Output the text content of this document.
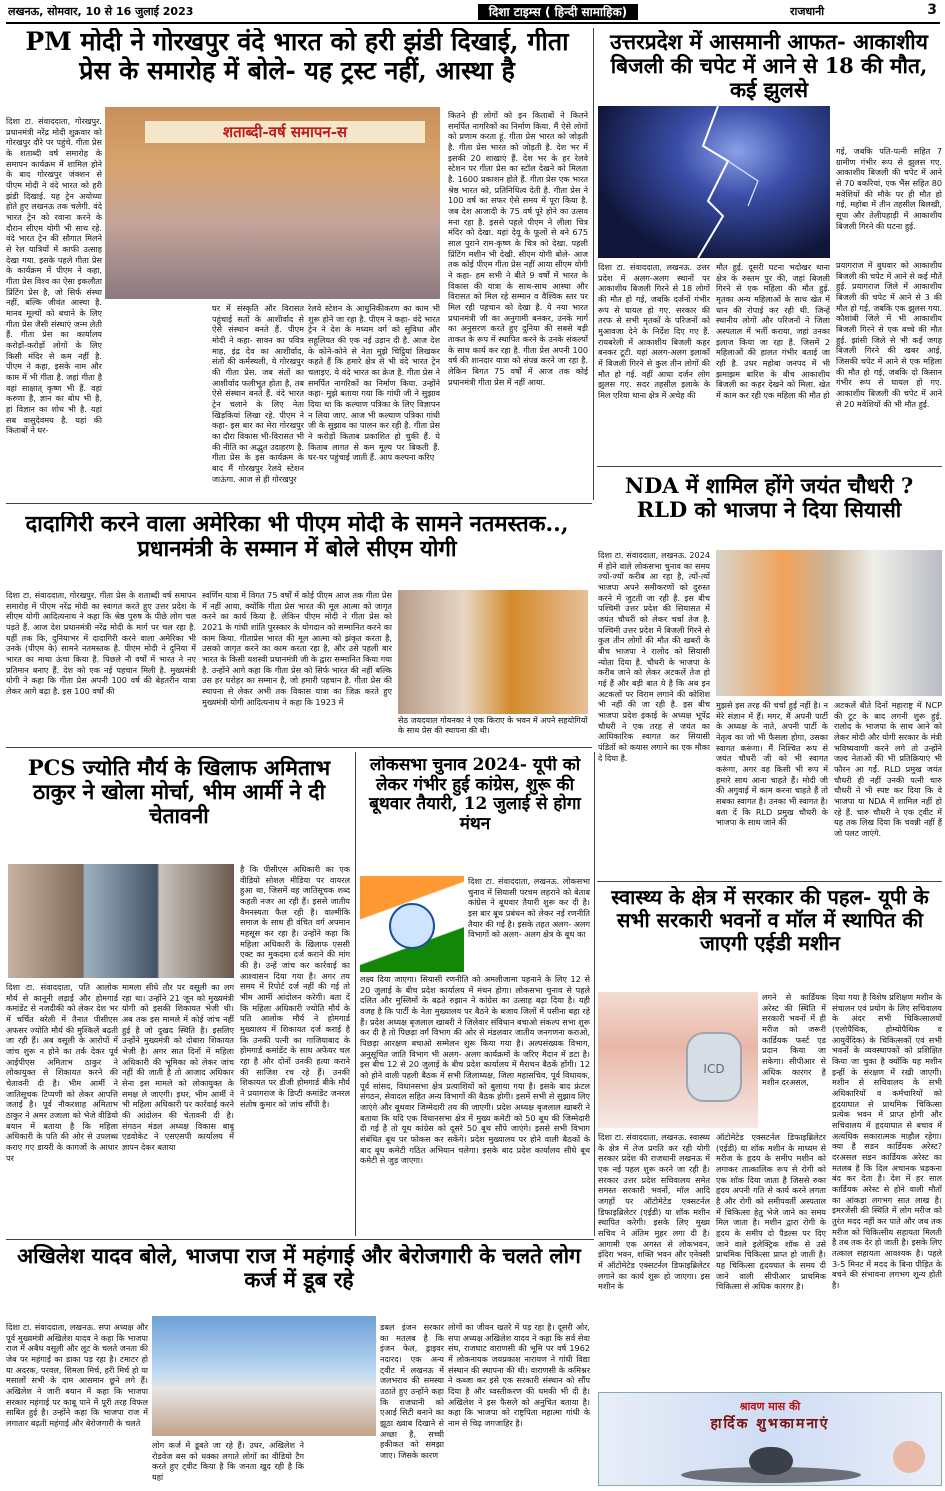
लखनऊ, सोमवार, 10 से 16 जुलाई 2023	दिशा टाइम्स ( हिन्दी सामाहिक)	राजधानी	3
PM मोदी ने गोरखपुर वंदे भारत को हरी झंडी दिखाई, गीता प्रेस के समारोह में बोले- यह ट्रस्ट नहीं, आस्था है
शताब्दी-वर्ष समापन-स
दिशा टा. संवाददाता, गोरखपुर. प्रधानमंत्री नरेंद्र मोदी शुक्रवार को गोरखपुर दौरे पर पहुंचे. गीता प्रेस के शताब्दी वर्ष समारोह के समापन कार्यक्रम में शामिल होने के बाद गोरखपुर जंक्शन से पीएम मोदी ने वंदे भारत को हरी झंडी दिखाई. यह ट्रेन अयोध्या होते हुए लखनऊ तक चलेगी. वंदे भारत ट्रेन को रवाना करने के दौरान सीएम योगी भी साथ रहे. वंदे भारत ट्रेन की सौगात मिलने से रेल यात्रियों में काफी उत्साह देखा गया. इसके पहले गीता प्रेस के कार्यक्रम में पीएम ने कहा, गीता प्रेस विश्व का ऐसा इकलौता प्रिंटिंग प्रेस है, जो सिर्फ संस्था नहीं, बल्कि जीवंत आस्था है. मानव मूल्यों को बचाने के लिए गीता प्रेस जैसी संस्थाएं जन्म लेती हैं. गीता प्रेस का कार्यालय करोड़ों-करोड़ों लोगों के लिए किसी मंदिर से कम नहीं है. पीएम ने कहा, इसके नाम और काम में भी गीता है. जहां गीता है वहां साक्षात् कृष्ण भी हैं. वहां करुणा है, ज्ञान का बोध भी है, हां विज्ञान का शोध भी है. यहां सब वासुदेवमय है. यहां की किताबों ने घर-
घर में संस्कृति और विरासत पहुंचाई सतों के आशीर्वाद से ऐसे संस्थान बनते हैं. पीएम मोदी ने कहा- सावन का पवित्र माह, इंद्र देव का आशीर्वाद, संतों की कर्मस्थली, ये गोरखपुर की गीता प्रेस. जब संतों का आशीर्वाद फलीभूत होता है, तब ऐसे संस्थान बनते हैं. वंदे भारत ट्रेन चलाने के लिए नेता खिड़कियां लिखा रहे. पीएम ने कहा- इस बार का मेरा गोरखपुर का दौरा विकास भी-विरासत भी की नीति का अद्भुत उदाहरण है. गीता प्रेस के इस कार्यक्रम के बाद मैं गोरखपुर रेलवे स्टेशन जाऊंगा. आज से ही गोरखपुर
रेलवे स्टेशन के आधुनिकीकरण का काम भी शुरू होने जा रहा है. पीएम ने कहा- वंदे भारत ट्रेन ने देश के मध्यम वर्ग को सुविधा और सहूलियत की एक नई उड़ान दी है. आज देश के कोने-कोने से नेता मुझे चिट्ठियां लिखकर कहते हैं कि हमारे क्षेत्र से भी वंदे भारत ट्रेन चलाइए. ये वंदे भारत का क्रेज है. गीता प्रेस ने समर्पित नागरिकों का निर्माण किया. उन्होंने कहा- मुझे बताया गया कि गांधी जी ने सुझाव दिया था कि कल्याण पत्रिका के लिए विज्ञापन न लिया जाए. आज भी कल्याण पत्रिका गांधी जी के सुझाव का पालन कर रही है. गीता प्रेस ने करोड़ों किताब प्रकाशित हो चुकी हैं. ये किताब लागत से कम मूल्य पर बिकती हैं. घर-घर पहुंचाई जाती हैं. आप कल्पना करिए
कितने ही लोगों को इन किताबों ने कितने समर्पित नागरिकों का निर्माण किया. मैं ऐसे लोगों को प्रणाम करता हूं. गीता प्रेस भारत को जोड़ती है. गीता प्रेस भारत को जोड़ती है. देश भर में इसकी 20 शाखाएं हैं. देश भर के हर रेलवे स्टेशन पर गीता प्रेस का स्टॉल देखने को मिलता है. 1600 प्रकाशन होते हैं. गीता प्रेस एक भारत श्रेष्ठ भारत को, प्रतिनिधित्व देती है. गीता प्रेस ने 100 वर्ष का सफर ऐसे समय में पूरा किया है. जब देश आजादी के 75 वर्ष पूरे होने का उत्सव मना रहा है. इससे पहले पीएम ने लीला चित्र मंदिर को देखा. यहां देवू के फूलों से बने 675 साल पुराने राम-कृष्ण के चित्र को देखा. पहली प्रिंटिंग मशीन भी देखी. सीएम योगी बोले- आज तक कोई पीएम गीता प्रेस नहीं आया सीएम योगी ने कहा- हम सभी ने बीते 9 वर्षों में भारत के विकास की यात्रा के साथ-साथ आस्था और विरासत को मिल रहे सम्मान व वैश्विक स्तर पर मिल रही पहचान को देखा है. ये नया भारत प्रधानमंत्री जी का अनुगामी बनकर, उनके मार्ग का अनुसरण करते हुए दुनिया की सबसे बड़ी ताकत के रूप में स्थापित करने के उनके संकल्पों के साथ कार्य कर रहा है. गीता प्रेस अपनी 100 वर्ष की शानदार यात्रा को संपन्न करने जा रहा है. लेकिन बिगत 75 वर्षों में आज तक कोई प्रधानमंत्री गीता प्रेस में नहीं आया.
उत्तरप्रदेश में आसमानी आफत- आकाशीय बिजली की चपेट में आने से 18 की मौत, कई झुलसे
गई, जबकि पति-पत्नी सहित 7 ग्रामीण गंभीर रूप से झुलस गए. आकाशीय बिजली की चपेट में आने से 70 बकरियां, एक भैंस सहित 80 मवेशियों की मौके पर ही मौत हो गई, महोबा में तीन तहसील बिलखी, सूपा और तेलीपहाड़ी में आकाशीय बिजली गिरने की घटना हुई.
दिशा टा. संवाददाता, लखनऊ. उत्तर प्रदेश में अलग-अलग स्थानों पर आकाशीय बिजली गिरने से 18 लोगों की मौत हो गई, जबकि दर्जनों गंभीर रूप से घायल हो गए. सरकार की तरफ से सभी मृतकों के परिजनों को मुआवजा देने के निर्देश दिए गए हैं. रायबरेली में आकाशीय बिजली कहर बनकर टूटी. यहां अलग-अलग इलाकों में बिजली गिरने से कुल तीन लोगों की मौत हो गई. वहीं आधा दर्जन लोग झुलस गए. सदर तहसील इलाके के मिल एरिया थाना क्षेत्र में अचेह की
मौत हुई. दूसरी घटना भदोखर थाना क्षेत्र के रुस्तम पुर की, जहां बिजली गिरने से एक महिला की मौत हुई. मृतका अन्य महिलाओं के साथ खेत में धान की रोपाई कर रही थी. जिन्हें स्थानीय लोगों और परिजनों ने जिला अस्पताल में भर्ती कराया, जहां उनका इलाज किया जा रहा है. जिसमें 2 महिलाओं की हालत गंभीर बताई जा रही है. उधर महोबा जनपद में भी झमाझम बारिश के बीच आकाशीय बिजली का कहर देखने को मिला. खेत में काम कर रही एक महिला की मौत हो
प्रयागराज में बुधवार को आकाशीय बिजली की चपेट में आने से कई मौतें हुई. प्रयागराज जिले में आकाशीय बिजली की चपेट में आने से 3 की मौत हो गई, जबकि एक झुलस गया. कौशांबी जिले में भी आकाशीय बिजली गिरने से एक बच्चे की मौत हुई. झांसी जिले से भी कई जगह बिजली गिरने की खबर आई, जिसकी चपेट में आने से एक महिला की मौत हो गई, जबकि दो किसान गंभीर रूप से घायल हो गए. आकाशीय बिजली की चपेट में आने से 20 मवेशियों की भी मौत हुई.
दादागिरी करने वाला अमेरिका भी पीएम मोदी के सामने नतमस्तक.., प्रधानमंत्री के सम्मान में बोले सीएम योगी
दिशा टा. संवाददाता, गोरखपुर. गीता प्रेस के शताब्दी वर्ष समापन समारोह में पीएम नरेंद्र मोदी का स्वागत करते हुए उत्तर प्रदेश के सीएम योगी आदित्यनाथ ने कहा कि श्रेष्ठ पुरुष के पीछे लोग चल पड़ते हैं. आज देश प्रधानमंत्री नरेंद्र मोदी के मार्ग पर चल रहा है. यहीं तक कि, दुनियाभर में दादागिरी करने वाला अमेरिका भी उनके (पीएम के) सामने नतमस्तक है. पीएम मोदी ने दुनिया में भारत का माथा ऊंचा किया है. पिछले नौ वर्षों में भारत ने नए प्रतिमान बनाए हैं. देश को एक नई पहचान मिली है. मुख्यमंत्री योगी ने कहा कि गीता प्रेस अपनी 100 वर्ष की बेहतरीन यात्रा लेकर आगे बढ़ा है. इस 100 वर्षों की
स्वर्णिम यात्रा में विगत 75 वर्षों में कोई पीएम आज तक गीता प्रेस में नहीं आया, क्योंकि गीता प्रेस भारत की मूल आत्मा को जागृत करने का कार्य किया है. लेकिन पीएम मोदी ने गीता प्रेस को 2021 के गांधी शांति पुरस्कार के योगदान को सम्मानित करने का काम किया. गीताप्रेस भारत की मूल आत्मा को झंकृत करता है, उसको जागृत करने का काम करता रहा है, और उसे पहली बार भारत के किसी यशस्वी प्रधानमंत्री जी के द्वारा सम्मानित किया गया है. उन्होंने आगे कहा कि गीता प्रेस को सिर्फ भारत की नहीं बल्कि उस हर धरोहर का सम्मान है, जो हमारी पहचान है. गीता प्रेस की स्थापना से लेकर अभी तक विकास यात्रा का जिक्र करते हुए मुख्यमंत्री योगी आदित्यनाथ ने कहा कि 1923 में
सेठ जयदयाल गोयनका ने एक किराए के भवन में अपने सहयोगियों के साथ प्रेस की स्थापना की थी।
NDA में शामिल होंगे जयंत चौधरी ? RLD को भाजपा ने दिया सियासी
दिशा टा. संवाददाता, लखनऊ. 2024 में होने वाले लोकसभा चुनाव का समय ज्यों-ज्यों करीब आ रहा है, त्यों-त्यों भाजपा अपने समीकरणों को दुरुस्त करने में जुटती जा रही है. इस बीच पश्चिमी उत्तर प्रदेश की सियासत में जयंत चौधरी को लेकर चर्चा तेज है. पश्चिमी उत्तर प्रदेश में बिजली गिरने से कुल तीन लोगों की मौत की खबरों के बीच भाजपा ने रालोद को सियासी न्योता दिया है. चौधरी के भाजपा के करीब जाने को लेकर अटकलें तेज हो गई हैं और बड़ी बात ये है कि अब इन अटकलों पर विराम लगाने की कोशिश भी नहीं की जा रही है. इस बीच भाजपा प्रदेश इकाई के अध्यक्ष भूपेंद्र चौधरी ने एक तरह से जयंत का आधिकारिक स्वागत कर सियासी पंडितों को कयास लगाने का एक मौका दे दिया है.
मुझसे इस तरह की चर्चा हुई नहीं है। न मेरे संज्ञान में हैं। मगर, मैं अपनी पार्टी के अध्यक्ष के नाते, अपनी पार्टी के नेतृत्व का जो भी फैसला होगा, उसका स्वागत करूंगा। मैं निश्चित रूप से जयंत चौधरी जी को भी स्वागत करूंगा, अगर वह किसी भी रूप में हमारे साथ आना चाहते हैं। मोदी जी की अगुवाई में काम करना चाहते हैं तो सबका स्वागत है। उनका भी स्वागत है। बता दें कि RLD प्रमुख चौधरी के भाजपा के साथ जाने की
अटकलें बीते दिनों महाराष्ट्र में NCP की टूट के बाद लगनी शुरू हुई. रालोद के भाजपा के साथ आने को लेकर मोदी और योगी सरकार के मंत्री भविष्यवाणी करने लगे तो उन्होंने जल्द नेताओं की भी प्रतिक्रियाएं भी फौरन आ गईं. RLD प्रमुख जयंत चौधरी ही नहीं उनकी पत्नी चारु चौधरी ने भी स्पष्ट कर दिया कि वे भाजपा या NDA में शामिल नहीं हो रहे हैं. चारु चौधरी ने एक ट्वीट में यह तक लिख दिया कि चवन्नी नहीं हैं जो पलट जाएंगे.
PCS ज्योति मौर्य के खिलाफ अमिताभ ठाकुर ने खोला मोर्चा, भीम आर्मी ने दी चेतावनी
दिशा टा. संवाददाता, पति आलोक मौर्य से कानूनी लड़ाई और होमगार्ड कमांडेंट से नजदीकी को लेकर देश भर में चर्चित बरेली में तैनात पीसीएस अफसर ज्योति मौर्य की मुश्किलें बढ़ती जा रही हैं। अब वसूली के आरोपों में जांच शुरू न होने का तर्क देकर पूर्व आईपीएस अमिताभ ठाकुर ने लोकायुक्त से शिकायत करने की चेतावनी दी है। भीम आर्मी ने जातिसूचक टिप्पणी को लेकर आपत्ति जताई है। पूर्व नौकरशाह अमिताभ ठाकुर ने अमर उजाला को भेजे वीडियो बयान में बताया है कि महिला अधिकारी के पति की ओर से उपलब्ध कराए गए डायरी के कागजों के आधार पर
मामला सीधे तौर पर वसूली का लग रहा था। उन्होंने 21 जून को मुख्यमंत्री योगी को इसकी शिकायत भेजी थी। अब तक इस मामले में कोई जांच नहीं हुई है जो दुखद स्थिति है। इसलिए उन्होंने मुख्यमंत्री को दोबारा शिकायत भेजी है। अगर सात दिनों में महिला अधिकारी की भूमिका को लेकर जांच नहीं की जाती है तो आजाद अधिकार सेना इस मामले को लोकायुक्त के समक्ष ले जाएगी। इधर, भीम आर्मी ने भी महिला अधिकारी पर कार्रवाई करने की आंदोलन की चेतावनी दी है। संगठन मंडल अध्यक्ष विकास बाबू एडवोकेट ने एसएसपी कार्यालय में ज्ञापन देकर बताया
है कि पीसीएस अधिकारी का एक वीडियो सोशल मीडिया पर वायरल हुआ था, जिसमें वह जातिसूचक शब्द कहती नजर आ रही हैं। इससे जातीय वैमनस्यता फैल रही है। वाल्मीकि समाज के साथ ही वंचित वर्ग अपमान महसूस कर रहा है। उन्होंने कहा कि महिला अधिकारी के खिलाफ एससी एक्ट का मुकदमा दर्ज कराने की मांग की है। उन्हें जांच कर कार्रवाई का आश्वासन दिया गया है। अगर तय समय में रिपोर्ट दर्ज नहीं की गई तो भीम आर्मी आंदोलन करेगी। बता दें कि महिला अधिकारी ज्योति मौर्य के पति आलोक मौर्य ने होमगार्ड मुख्यालय में शिकायत दर्ज कराई है कि उनकी पत्नी का गाजियाबाद के होमगार्ड कमांडेंट के साथ अफेयर चल रहा है और दोनों उनकी हत्या कराने की साजिश रच रहे हैं। उनकी शिकायत पर डीजी होमगार्ड बीके मौर्य ने प्रयागराज के डिप्टी कमांडेंट जनरल संतोष कुमार को जांच सौंपी है।
लोकसभा चुनाव 2024- यूपी को लेकर गंभीर हुई कांग्रेस, शुरू की बूथवार तैयारी, 12 जुलाई से होगा मंथन
दिशा टा. संवाददाता, लखनऊ. लोकसभा चुनाव में सियासी परचम लहराने को बेताब कांग्रेस ने बूथवार तैयारी शुरू कर दी है। इस बार बूथ प्रबंधन को लेकर नई रणनीति तैयार की गई है। इसके तहत अलग- अलग विभागों को अलग- अलग क्षेत्र के बूथ का
लक्ष्य दिया जाएगा। सियासी रणनीति को अमलीजामा पहनाने के लिए 12 से 20 जुलाई के बीच प्रदेश कार्यालय में मंथन होगा। लोकसभा चुनाव से पहले दलित और मुस्लिमों के बढ़ते रुझान ने कांग्रेस का उत्साह बढ़ा दिया है। यही वजह है कि पार्टी के नेता मुख्यालय पर बैठने के बजाय जिलों में पसीना बहा रहे हैं। प्रदेश अध्यक्ष बृजलाल खाबरी ने जिलेवार संविधान बचाओ संकल्प सभा शुरू कर दी है तो पिछड़ा वर्ग विभाग की ओर से मंडलवार जातीय जनगणना कराओ, पिछड़ा आरक्षण बचाओ सम्मेलन शुरू किया गया है। अल्पसंख्यक विभाग, अनुसूचित जाति विभाग भी अलग- अलग कार्यक्रमों के जरिए मैदान में डटा है। इस बीच 12 से 20 जुलाई के बीच प्रदेश कार्यालय में मैराथन बैठकें होंगी। 12 को होने वाली पहली बैठक में सभी जिलाध्यक्ष, जिला महासचिव, पूर्व विधायक, पूर्व सांसद, विधानसभा क्षेत्र प्रत्याशियों को बुलाया गया है। इसके बाद फ्रंटल संगठन, सेवादल सहित अन्य विभागों की बैठक होगी। इसमें सभी से सुझाव लिए जाएंगे और बूथवार जिम्मेदारी तय की जाएगी। प्रदेश अध्यक्ष बृजलाल खाबरी ने बताया कि यदि एक विधानसभा क्षेत्र में मुख्य कमेटी को 50 बूथ की जिम्मेदारी दी गई है तो यूथ कांग्रेस को दूसरे 50 बूथ सौंपे जाएंगे। इससे सभी विभाग संबंधित बूथ पर फोकस कर सकेंगे। प्रदेश मुख्यालय पर होने वाली बैठकों के बाद बूथ कमेटी गठित अभियान चलेगा। इसके बाद प्रदेश कार्यालय सीधे बूथ कमेटी से जुड़ जाएगा।
स्वास्थ्य के क्षेत्र में सरकार की पहल- यूपी के सभी सरकारी भवनों व मॉल में स्थापित की जाएगी एईडी मशीन
ICD
लगने से कार्डियक अरेस्ट की स्थिति में सरकारी भवनों में ही मरीज को जरूरी कार्डियक फर्स्ट एड प्रदान किया जा सकेगा। सीपीआर से अधिक कारगर है मशीन दरअसल,
दिशा टा. संवाददाता, लखनऊ. स्वास्थ्य के क्षेत्र में तेज प्रगति कर रही योगी सरकार प्रदेश की राजधानी लखनऊ में एक नई पहल शुरू करने जा रही है। सरकार उत्तर प्रदेश सचिवालय समेत समस्त सरकारी भवनों, मॉल आदि जगहों पर ऑटोमेटेड एक्सटर्नल डिफाइब्रिलेटर (एईडी) या शॉक मशीन स्थापित करेगी। इसके लिए मुख्य सचिव ने अंतिम मुहर लगा दी है। आगामी एक अगस्त से लोकभवन, इंदिरा भवन, शक्ति भवन और एनेक्सी में ऑटोमेटेड एक्सटर्नल डिफाइब्रिलेटर लगाने का कार्य शुरू हो जाएगा। इस मशीन के
ऑटोमेटेड एक्सटर्नल डिफाइब्रिलेटर (एईडी) या शॉक मशीन के माध्यम से मरीज के हृदय के समीप मशीन को लगाकर तात्कालिक रूप से रोगी को एक शॉक दिया जाता है जिससे रुका हृदय अपनी गति से कार्य करने लगता है और रोगी को समीपवर्ती अस्पताल में चिकित्सा हेतु भेजे जाने का समय मिल जाता है। मशीन द्वारा रोगी के हृदय के समीप दो पैडल्स पर दिए जाने वाले इलेक्ट्रिक शॉक से उसे प्राथमिक चिकित्सा प्राप्त हो जाती है। यह चिकित्सा हृदयघात के समय दी जाने वाली सीपीआर प्राथमिक चिकित्सा से अधिक कारगर है।
दिया गया है विशेष प्रशिक्षण मशीन के संचालन एवं प्रयोग के लिए सचिवालय के अंदर सभी चिकित्सालयों (एलोपैथिक, होम्योपैथिक व आयुर्वेदिक) के चिकित्सकों एवं सभी भवनों के व्यवस्थापकों को प्रशिक्षित किया जा चुका है क्योंकि यह मशीन इन्हीं के संरक्षण में रखी जाएगी। मशीन से सचिवालय के सभी अधिकारियों व कर्मचारियों को हृदयाघात से प्राथमिक चिकित्सा प्रत्येक भवन में प्राप्त होगी और सचिवालय में हृदयाघात से बचाव में अत्यधिक सकारात्मक माहौल रहेगा। क्या है सडन कार्डियक अरेस्ट? दरअसल सडन कार्डियक अरेस्ट का मतलब है कि दिल अचानक धड़कना बंद कर देता है। देश में हर साल कार्डियक अरेस्ट से होने वाली मौतों का आंकड़ा लगभग सात लाख है। इमरजेंसी की स्थिति में लोग मरीज को तुरंत मदद नहीं कर पाते और जब तक मरीज को चिकित्सीय सहायता मिलती है तब तक देर हो जाती है। इसके लिए तत्काल सहायता आवश्यक है। पहले 3-5 मिनट में मदद के बिना पीड़ित के बचने की संभावना लगभग शून्य होती है।
अखिलेश यादव बोले, भाजपा राज में महंगाई और बेरोजगारी के चलते लोग कर्ज में डूब रहे
दिशा टा. संवाददाता, लखनऊ. सपा अध्यक्ष और पूर्व मुख्यमंत्री अखिलेश यादव ने कहा कि भाजपा राज में अबैध वसूली और लूट के चलते जनता की जेब पर महंगाई का डाका पड़ रहा है। टमाटर हो या अदरक, परवल, शिमला मिर्च, हरी मिर्च हो या मसालों सभी के दाम आसमान छूने लगे हैं। अखिलेश ने जारी बयान में कहा कि भाजपा सरकार महंगाई पर काबू पाने में पूरी तरह विफल साबित हुई है। उन्होंने कहा कि भाजपा राज में लगातार बढ़ती महंगाई और बेरोजगारी के चलते
लोग कर्ज में डूबते जा रहे हैं। उधर, अखिलेश ने रोडवेज बस को धक्का लगाते लोगों का वीडियो टैग करते हुए ट्वीट किया है कि जनता खुद रही है कि यहां
डबल इंजन सरकार का मतलब है कि इंजन फेल, ड्राइवर नदारद। एक अन्य ट्वीट में लखनऊ में जलभराव की समस्या उठाते हुए उन्होंने कहा कि राजधानी को एआई सिटी बनाने का झूठा ख्वाब दिखाने से अच्छा है, सच्ची हकीकत को समझा जाए। जिसके कारण
लोगों का जीवन खतरे में पड़ रहा है। दूसरी ओर, सपा अध्यक्ष अखिलेश यादव ने कहा कि सर्व सेवा संघ, राजघाट वाराणसी की भूमि पर वर्ष 1962 में लोकनायक जयप्रकाश नारायण ने गांधी विद्या संस्थान की स्थापना की थी। वाराणसी के कमिश्नर ने कब्जा कर इसे एक सरकारी संस्थान को सौंप दिया है और ध्वस्तीकरण की धमकी भी दी है। अखिलेश ने इस फैसले को अनुचित बताया है। कहा कि भाजपा को राष्ट्रपिता महात्मा गांधी के नाम से चिढ़ जगजाहिर है।
श्रावण मास की
हार्दिक शुभकामनाएं
